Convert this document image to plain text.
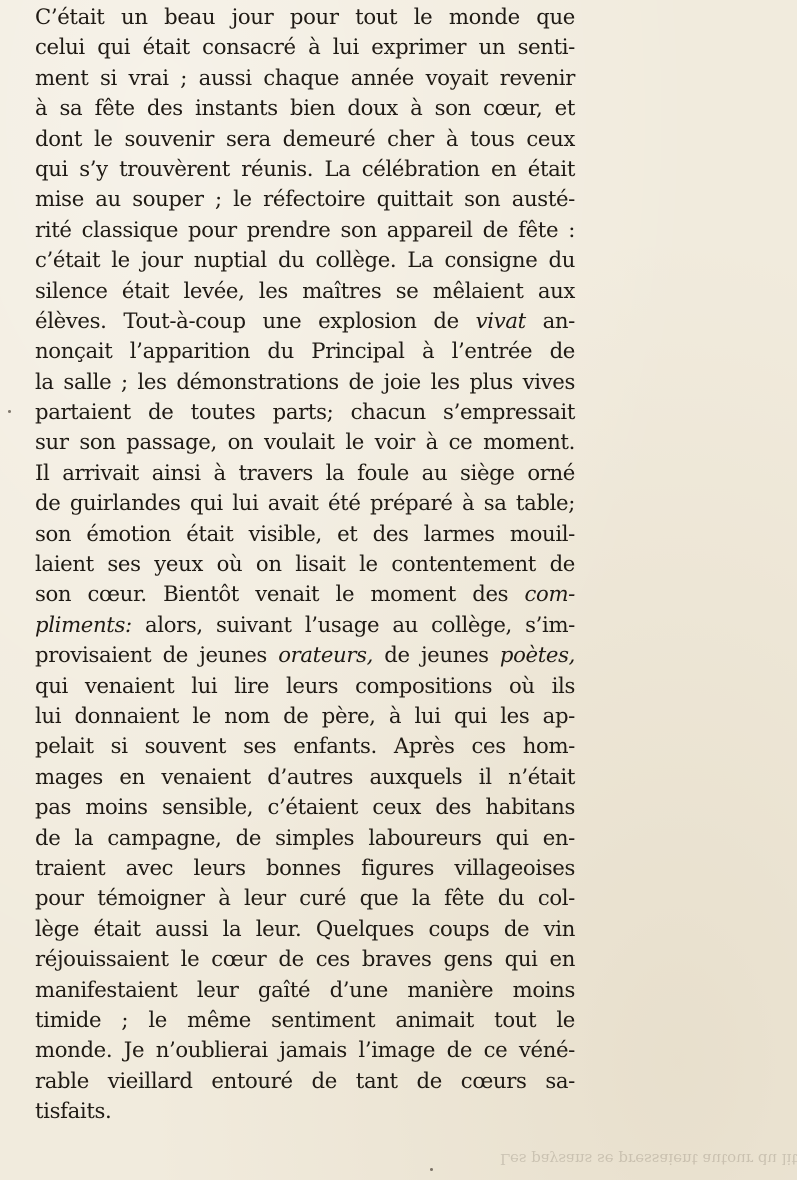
C’était un beau jour pour tout le monde que
celui qui était consacré à lui exprimer un senti-
ment si vrai ; aussi chaque année voyait revenir
à sa fête des instants bien doux à son cœur, et
dont le souvenir sera demeuré cher à tous ceux
qui s’y trouvèrent réunis. La célébration en était
mise au souper ; le réfectoire quittait son austé-
rité classique pour prendre son appareil de fête :
c’était le jour nuptial du collège. La consigne du
silence était levée, les maîtres se mêlaient aux
élèves. Tout-à-coup une explosion de vivat an-
nonçait l’apparition du Principal à l’entrée de
la salle ; les démonstrations de joie les plus vives
partaient de toutes parts; chacun s’empressait
sur son passage, on voulait le voir à ce moment.
Il arrivait ainsi à travers la foule au siège orné
de guirlandes qui lui avait été préparé à sa table;
son émotion était visible, et des larmes mouil-
laient ses yeux où on lisait le contentement de
son cœur. Bientôt venait le moment des com-
pliments: alors, suivant l’usage au collège, s’im-
provisaient de jeunes orateurs, de jeunes poètes,
qui venaient lui lire leurs compositions où ils
lui donnaient le nom de père, à lui qui les ap-
pelait si souvent ses enfants. Après ces hom-
mages en venaient d’autres auxquels il n’était
pas moins sensible, c’étaient ceux des habitans
de la campagne, de simples laboureurs qui en-
traient avec leurs bonnes figures villageoises
pour témoigner à leur curé que la fête du col-
lège était aussi la leur. Quelques coups de vin
réjouissaient le cœur de ces braves gens qui en
manifestaient leur gaîté d’une manière moins
timide ; le même sentiment animait tout le
monde. Je n’oublierai jamais l’image de ce véné-
rable vieillard entouré de tant de cœurs sa-
tisfaits.
Les paysans se pressaient autour du lit
